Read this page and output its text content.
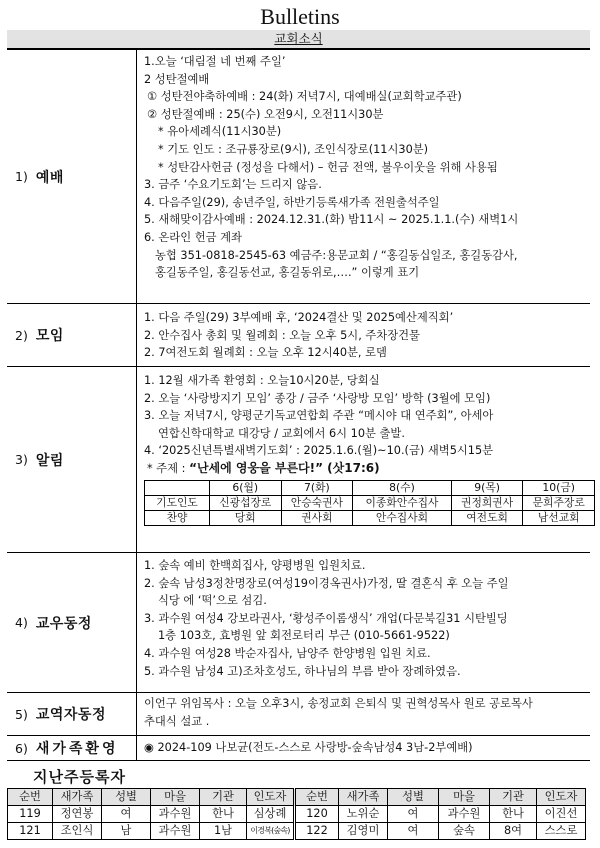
Bulletins
교회소식
1) 예배
1.오늘 ‘대림절 네 번째 주일’
2 성탄절예배
① 성탄전야축하예배 : 24(화) 저녁7시, 대예배실(교회학교주관)
② 성탄절예배 : 25(수) 오전9시, 오전11시30분
* 유아세례식(11시30분)
* 기도 인도 : 조규룡장로(9시), 조인식장로(11시30분)
* 성탄감사헌금 (정성을 다해서) – 헌금 전액, 불우이웃을 위해 사용됨
3. 금주 ‘수요기도회’는 드리지 않음.
4. 다음주일(29), 송년주일, 하반기등록새가족 전원출석주일
5. 새해맞이감사예배 : 2024.12.31.(화) 밤11시 ~ 2025.1.1.(수) 새벽1시
6. 온라인 헌금 계좌
농협 351-0818-2545-63 예금주:용문교회 / “홍길동십일조, 홍길동감사,
홍길동주일, 홍길동선교, 홍길동위로,….” 이렇게 표기
2) 모임
1. 다음 주일(29) 3부예배 후, ‘2024결산 및 2025예산제직회’
2. 안수집사 총회 및 월례회 : 오늘 오후 5시, 주차장건물
2. 7여전도회 월례회 : 오늘 오후 12시40분, 로뎀
3) 알림
1. 12월 새가족 환영회 : 오늘10시20분, 당회실
2. 오늘 ‘사랑방지기 모임’ 종강 / 금주 ‘사랑방 모임’ 방학 (3월에 모임)
3. 오늘 저녁7시, 양평군기독교연합회 주관 “메시야 대 연주회”, 아세아
연합신학대학교 대강당 / 교회에서 6시 10분 출발.
4. ‘2025신년특별새벽기도회’ : 2025.1.6.(월)~10.(금) 새벽5시15분
* 주제 : “난세에 영웅을 부른다!” (삿17:6)
	6(월)	7(화)	8(수)	9(목)	10(금)
기도인도	신광섭장로	안승숙권사	이종화안수집사	권정희권사	문희주장로
찬양	당회	권사회	안수집사회	여전도회	남선교회
4) 교우동정
1. 숲속 예비 한백희집사, 양평병원 입원치료.
2. 숲속 남성3정찬명장로(여성19이경옥권사)가정, 딸 결혼식 후 오늘 주일
식당 에 ‘떡’으로 섬김.
3. 과수원 여성4 강보라권사, ‘황성주이롬생식’ 개업(다문북길31 시탄빌딩
1층 103호, 효병원 앞 회전로터리 부근 (010-5661-9522)
4. 과수원 여성28 박순자집사, 남양주 한양병원 입원 치료.
5. 과수원 남성4 고)조차호성도, 하나님의 부름 받아 장례하였음.
5) 교역자동정
이언구 위임목사 : 오늘 오후3시, 송정교회 은퇴식 및 권혁성목사 원로 공로목사
추대식 설교 .
6) 새가족환영 ◉ 2024-109 나보균(전도-스스로 사랑방-숲속남성4 3남-2부예배)
지난주등록자
순번	새가족	성별	마을	기관	인도자	순번	새가족	성별	마을	기관	인도자
119	정연봉	여	과수원	한나	심상례	120	노위순	여	과수원	한나	이진선
121	조인식	남	과수원	1남	이경복(숲속)	122	김영미	여	숲속	8여	스스로
